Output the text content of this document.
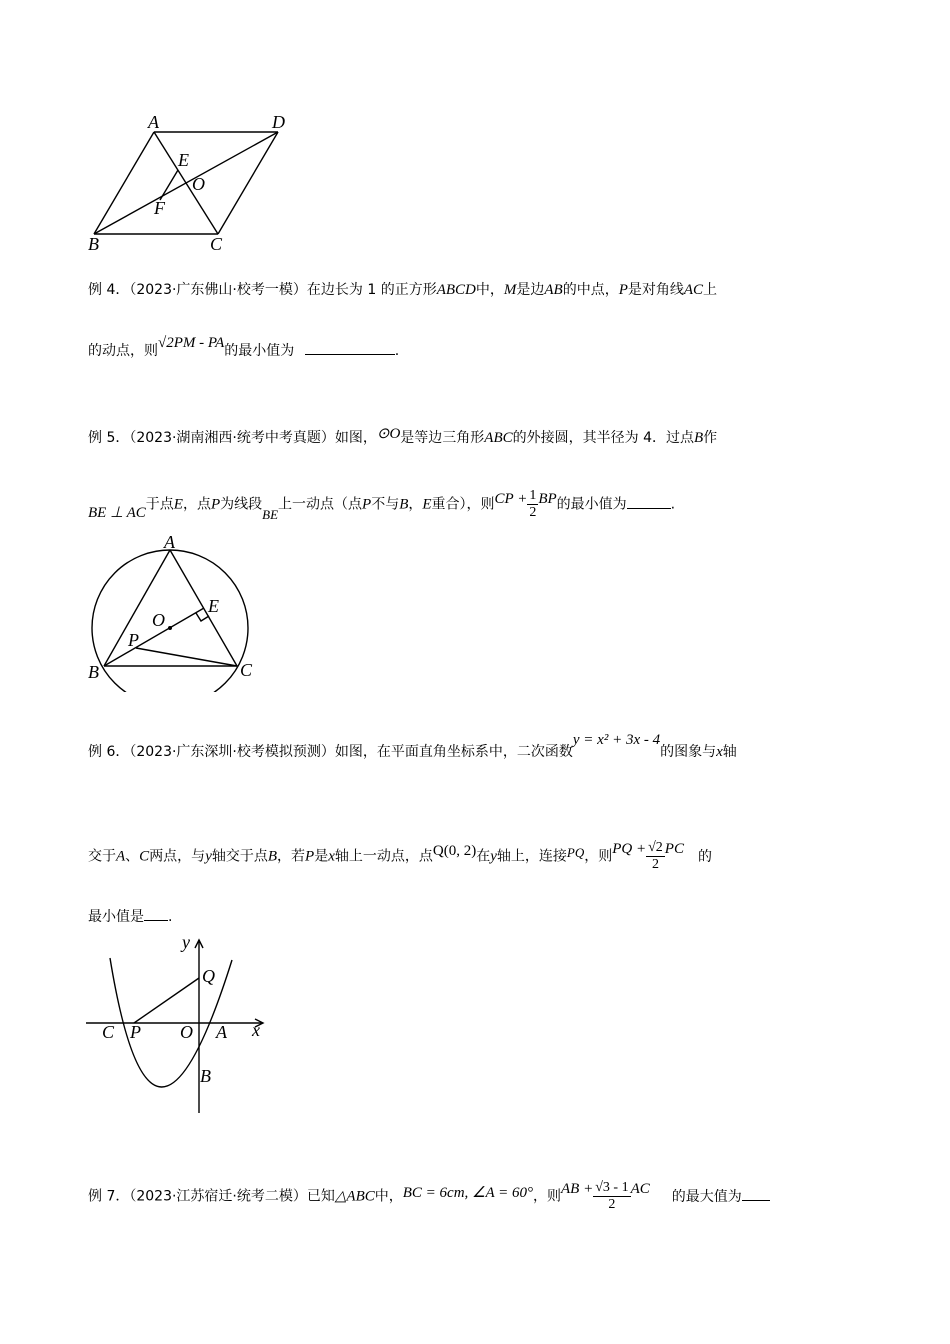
A	D
E
O
F
B	C
例 4．（2023·广东佛山·校考一模）在边长为 1 的正方形ABCD中，M是边AB的中点，P是对角线AC上
的动点，则√2PM - PA的最小值为	.
例 5．（2023·湖南湘西·统考中考真题）如图，⊙O是等边三角形ABC的外接圆，其半径为 4．过点B作
BE ⊥ AC于点E，点P为线段BE上一动点（点P不与B，E重合），则CP + $\frac{1}{2}$ BP的最小值为	.
A
E
O
P
B	C
例 6．（2023·广东深圳·校考模拟预测）如图，在平面直角坐标系中，二次函数y = x² + 3x - 4的图象与x轴
交于A、C两点，与y轴交于点B，若P是x轴上一动点，点Q(0, 2)在y轴上，连接PQ，则PQ + $\frac{√2}{2}$ PC 的
最小值是 .
y
Q
C P O A x
B
例 7．（2023·江苏宿迁·统考二模）已知△ABC中，BC = 6cm, ∠A = 60°，则AB + $\frac{√3 - 1}{2}$ AC 的最大值为
